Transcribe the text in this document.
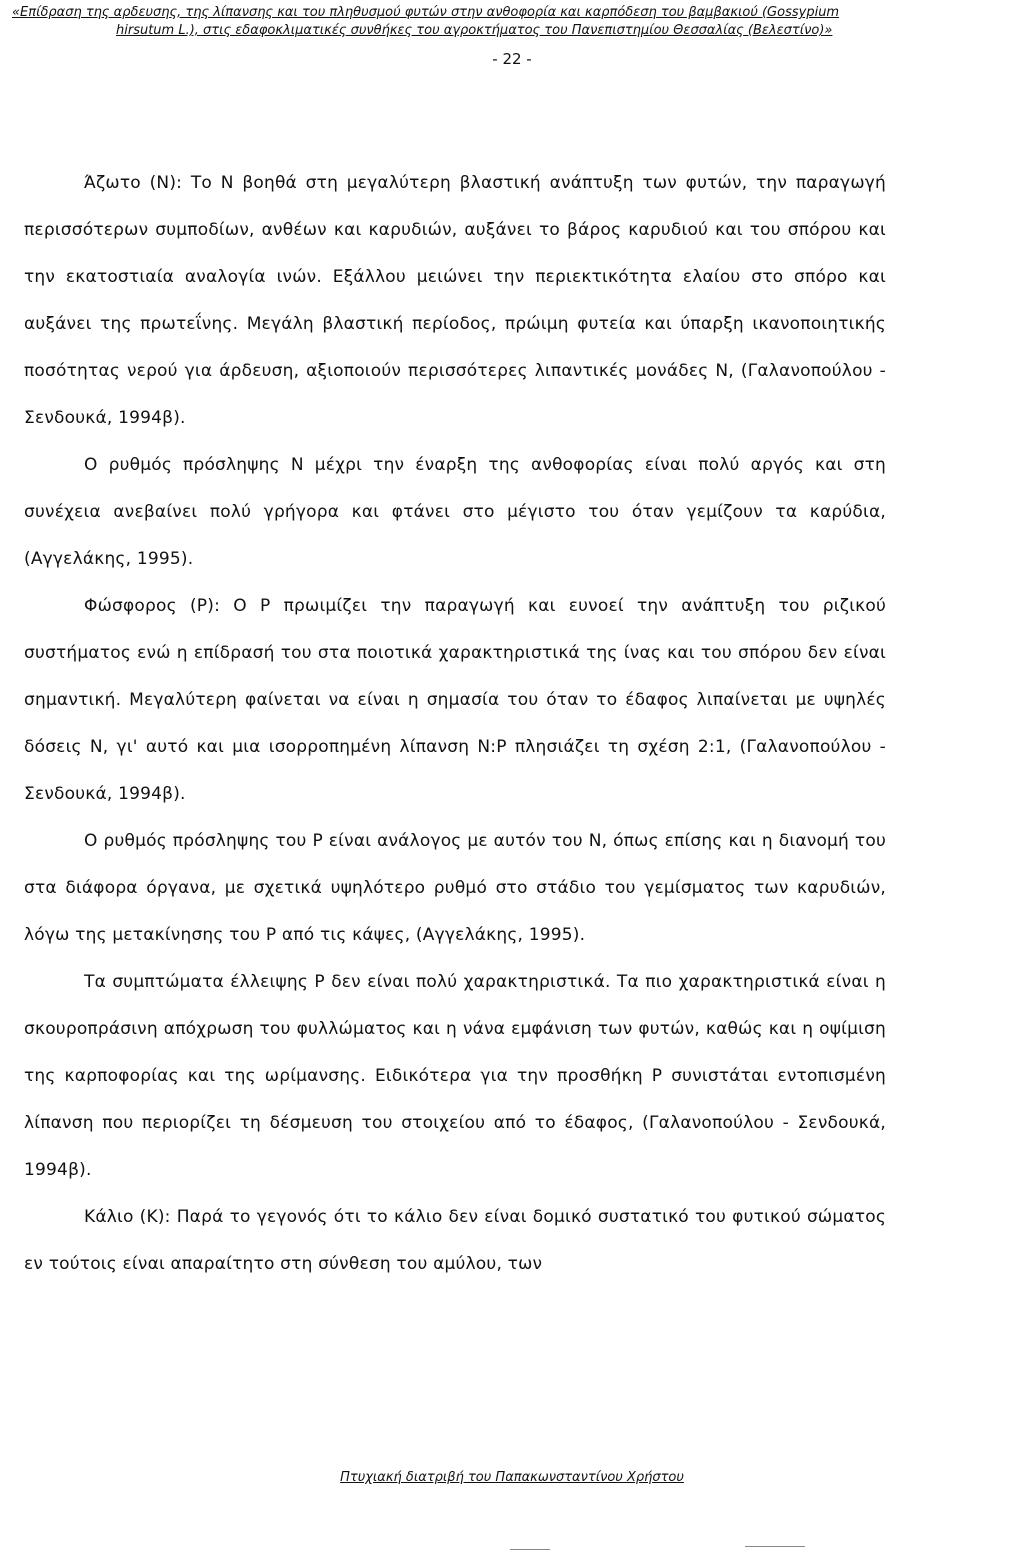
«Επίδραση της αρδευσης, της λίπανσης και του πληθυσμού φυτών στην ανθοφορία και καρπόδεση του βαμβακιού (Gossypium
hirsutum L.), στις εδαφοκλιματικές συνθήκες του αγροκτήματος του Πανεπιστημίου Θεσσαλίας (Βελεστίνο)»
- 22 -

Άζωτο (Ν): Το Ν βοηθά στη μεγαλύτερη βλαστική ανάπτυξη των φυτών, την παραγωγή περισσότερων συμποδίων, ανθέων και καρυδιών, αυξάνει το βάρος καρυδιού και του σπόρου και την εκατοστιαία αναλογία ινών. Εξάλλου μειώνει την περιεκτικότητα ελαίου στο σπόρο και αυξάνει της πρωτεΐνης. Μεγάλη βλαστική περίοδος, πρώιμη φυτεία και ύπαρξη ικανοποιητικής ποσότητας νερού για άρδευση, αξιοποιούν περισσότερες λιπαντικές μονάδες Ν, (Γαλανοπούλου - Σενδουκά, 1994β).

Ο ρυθμός πρόσληψης Ν μέχρι την έναρξη της ανθοφορίας είναι πολύ αργός και στη συνέχεια ανεβαίνει πολύ γρήγορα και φτάνει στο μέγιστο του όταν γεμίζουν τα καρύδια, (Αγγελάκης, 1995).

Φώσφορος (Ρ): Ο Ρ πρωιμίζει την παραγωγή και ευνοεί την ανάπτυξη του ριζικού συστήματος ενώ η επίδρασή του στα ποιοτικά χαρακτηριστικά της ίνας και του σπόρου δεν είναι σημαντική. Μεγαλύτερη φαίνεται να είναι η σημασία του όταν το έδαφος λιπαίνεται με υψηλές δόσεις Ν, γι' αυτό και μια ισορροπημένη λίπανση Ν:Ρ πλησιάζει τη σχέση 2:1, (Γαλανοπούλου - Σενδουκά, 1994β).

Ο ρυθμός πρόσληψης του Ρ είναι ανάλογος με αυτόν του Ν, όπως επίσης και η διανομή του στα διάφορα όργανα, με σχετικά υψηλότερο ρυθμό στο στάδιο του γεμίσματος των καρυδιών, λόγω της μετακίνησης του Ρ από τις κάψες, (Αγγελάκης, 1995).

Τα συμπτώματα έλλειψης Ρ δεν είναι πολύ χαρακτηριστικά. Τα πιο χαρακτηριστικά είναι η σκουροπράσινη απόχρωση του φυλλώματος και η νάνα εμφάνιση των φυτών, καθώς και η οψίμιση της καρποφορίας και της ωρίμανσης. Ειδικότερα για την προσθήκη Ρ συνιστάται εντοπισμένη λίπανση που περιορίζει τη δέσμευση του στοιχείου από το έδαφος, (Γαλανοπούλου - Σενδουκά, 1994β).

Κάλιο (Κ): Παρά το γεγονός ότι το κάλιο δεν είναι δομικό συστατικό του φυτικού σώματος εν τούτοις είναι απαραίτητο στη σύνθεση του αμύλου, των

Πτυχιακή διατριβή του Παπακωνσταντίνου Χρήστου
